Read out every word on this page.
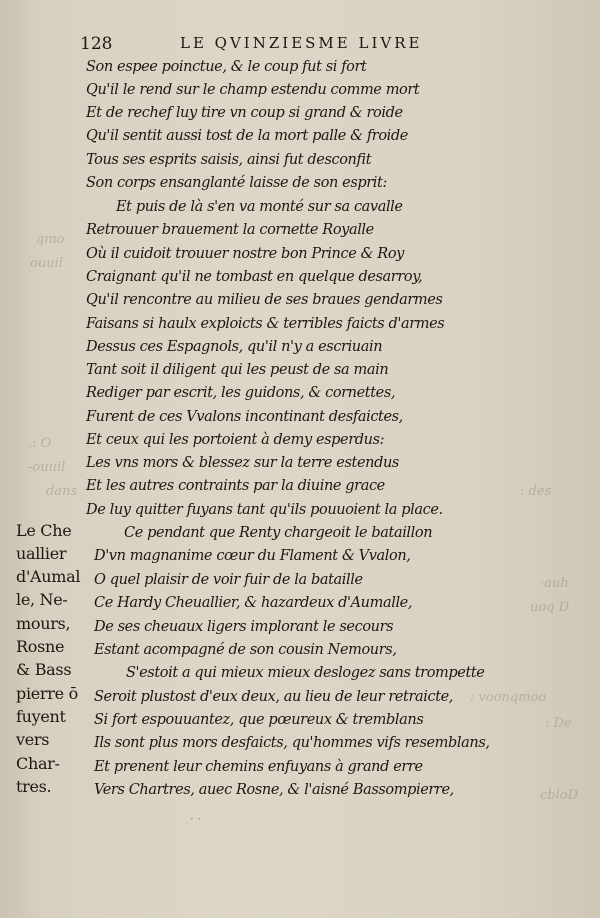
qmo
ouuil
.: O
-ouuil
dans	: des
·auh
uoq D
: voonqmoo
: De
cbloD
128	LE QVINZIESME LIVRE
Son espee poinctue, & le coup fut si fort
Qu'il le rend sur le champ estendu comme mort
Et de rechef luy tire vn coup si grand & roide
Qu'il sentit aussi tost de la mort palle & froide
Tous ses esprits saisis, ainsi fut desconfit
Son corps ensanglanté laisse de son esprit:
Et puis de là s'en va monté sur sa cavalle
Retrouuer brauement la cornette Royalle
Où il cuidoit trouuer nostre bon Prince & Roy
Craignant qu'il ne tombast en quelque desarroy,
Qu'il rencontre au milieu de ses braues gendarmes
Faisans si haulx exploicts & terribles faicts d'armes
Dessus ces Espagnols, qu'il n'y a escriuain
Tant soit il diligent qui les peust de sa main
Rediger par escrit, les guidons, & cornettes,
Furent de ces Vvalons incontinant desfaictes,
Et ceux qui les portoient à demy esperdus:
Les vns mors & blessez sur la terre estendus
Et les autres contraints par la diuine grace
De luy quitter fuyans tant qu'ils pouuoient la place.
Ce pendant que Renty chargeoit le bataillon
D'vn magnanime cœur du Flament & Vvalon,
O quel plaisir de voir fuir de la bataille
Ce Hardy Cheuallier, & hazardeux d'Aumalle,
De ses cheuaux ligers implorant le secours
Estant acompagné de son cousin Nemours,
S'estoit a qui mieux mieux deslogez sans trompette
Seroit plustost d'eux deux, au lieu de leur retraicte,
Si fort espouuantez, que pœureux & tremblans
Ils sont plus mors desfaicts, qu'hommes vifs resemblans,
Et prenent leur chemins enfuyans à grand erre
Vers Chartres, auec Rosne, & l'aisné Bassompierre,
Le Che
uallier
d'Aumal
le, Ne-
mours,
Rosne
& Bass
pierre ō
fuyent
vers
Char-
tres.
· ·
